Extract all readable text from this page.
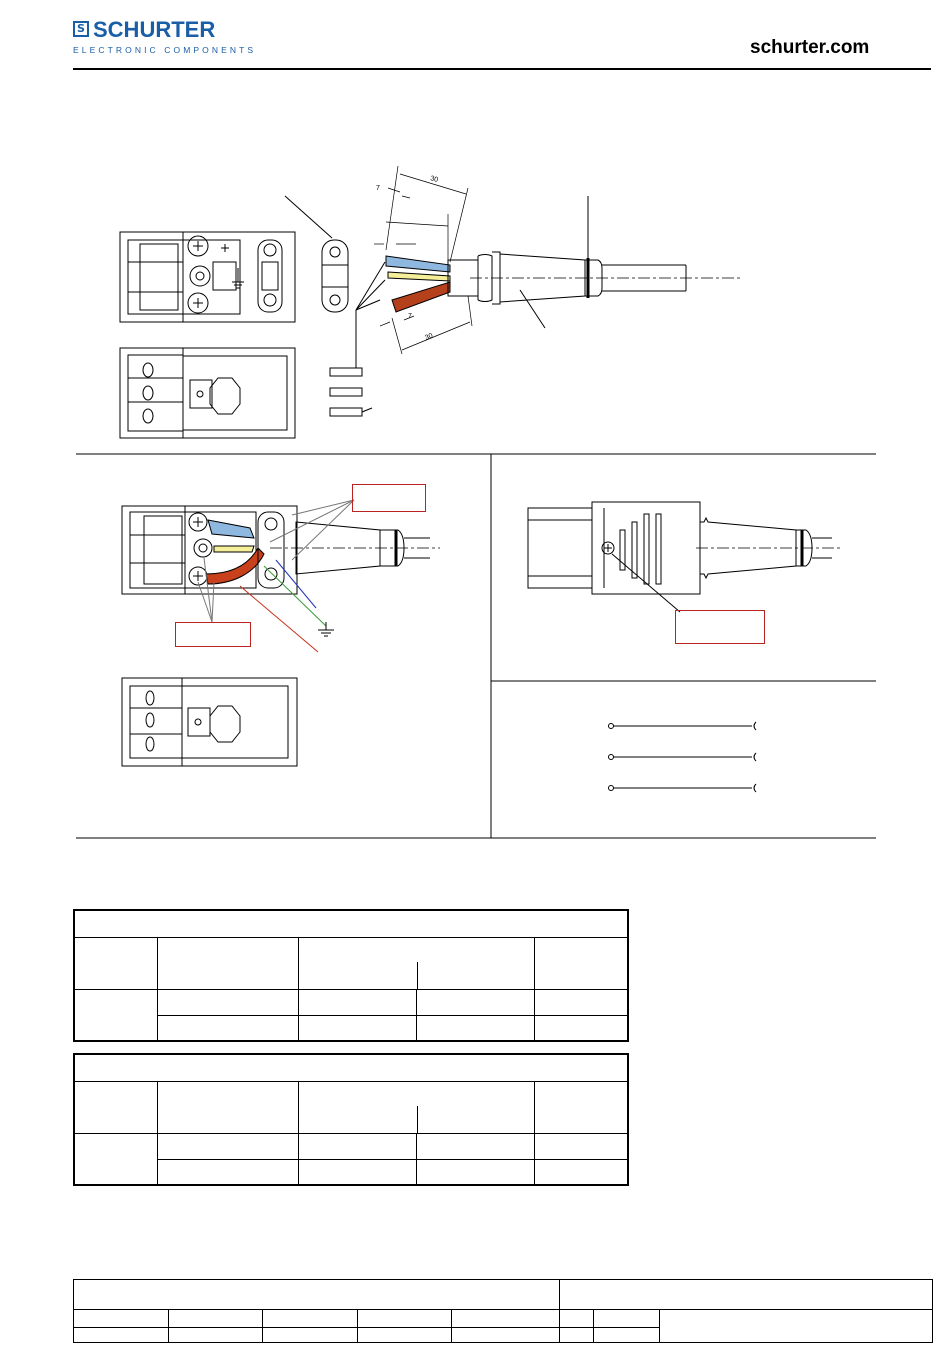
S SCHURTER
ELECTRONIC COMPONENTS	schurter.com
30
7
7
30
